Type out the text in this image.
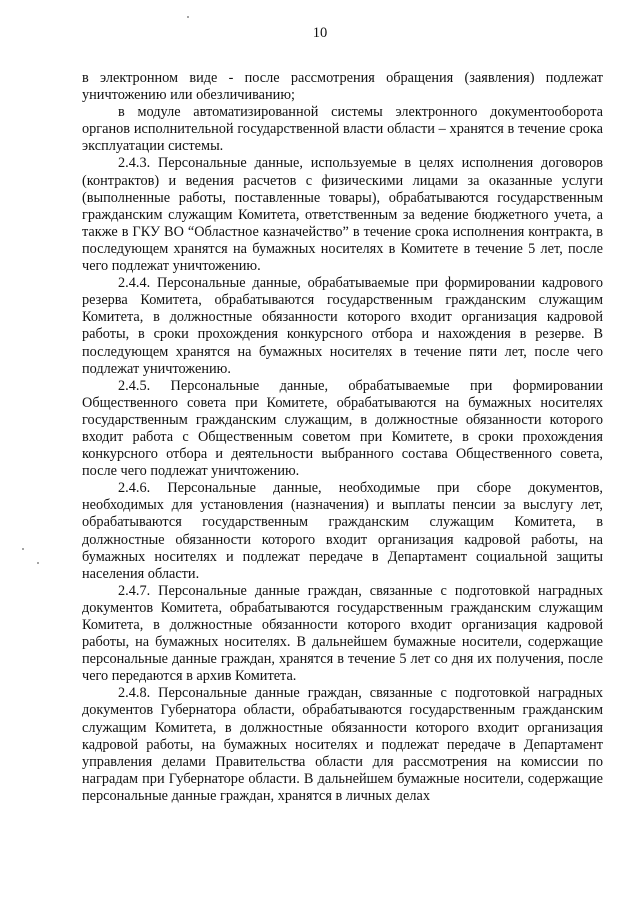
10

в электронном виде - после рассмотрения обращения (заявления) подлежат уничтожению или обезличиванию;

в модуле автоматизированной системы электронного документооборота органов исполнительной государственной власти области – хранятся в течение срока эксплуатации системы.

2.4.3. Персональные данные, используемые в целях исполнения договоров (контрактов) и ведения расчетов с физическими лицами за оказанные услуги (выполненные работы, поставленные товары), обрабатываются государственным гражданским служащим Комитета, ответственным за ведение бюджетного учета, а также в ГКУ ВО “Областное казначейство” в течение срока исполнения контракта, в последующем хранятся на бумажных носителях в Комитете в течение 5 лет, после чего подлежат уничтожению.

2.4.4. Персональные данные, обрабатываемые при формировании кадрового резерва Комитета, обрабатываются государственным гражданским служащим Комитета, в должностные обязанности которого входит организация кадровой работы, в сроки прохождения конкурсного отбора и нахождения в резерве. В последующем хранятся на бумажных носителях в течение пяти лет, после чего подлежат уничтожению.

2.4.5. Персональные данные, обрабатываемые при формировании Общественного совета при Комитете, обрабатываются на бумажных носителях государственным гражданским служащим, в должностные обязанности которого входит работа с Общественным советом при Комитете, в сроки прохождения конкурсного отбора и деятельности выбранного состава Общественного совета, после чего подлежат уничтожению.

2.4.6. Персональные данные, необходимые при сборе документов, необходимых для установления (назначения) и выплаты пенсии за выслугу лет, обрабатываются государственным гражданским служащим Комитета, в должностные обязанности которого входит организация кадровой работы, на бумажных носителях и подлежат передаче в Департамент социальной защиты населения области.

2.4.7. Персональные данные граждан, связанные с подготовкой наградных документов Комитета, обрабатываются государственным гражданским служащим Комитета, в должностные обязанности которого входит организация кадровой работы, на бумажных носителях. В дальнейшем бумажные носители, содержащие персональные данные граждан, хранятся в течение 5 лет со дня их получения, после чего передаются в архив Комитета.

2.4.8. Персональные данные граждан, связанные с подготовкой наградных документов Губернатора области, обрабатываются государственным гражданским служащим Комитета, в должностные обязанности которого входит организация кадровой работы, на бумажных носителях и подлежат передаче в Департамент управления делами Правительства области для рассмотрения на комиссии по наградам при Губернаторе области. В дальнейшем бумажные носители, содержащие персональные данные граждан, хранятся в личных делах
